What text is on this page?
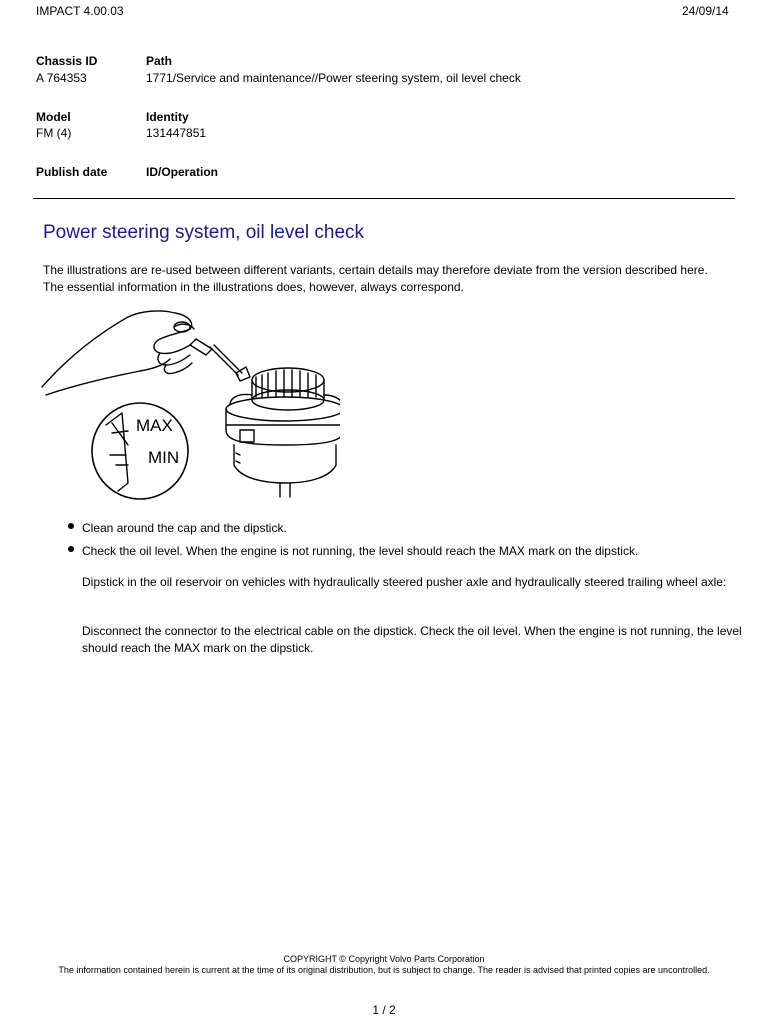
IMPACT 4.00.03	24/09/14
Chassis ID
A 764353
Path
1771/Service and maintenance//Power steering system, oil level check
Model
FM (4)
Identity
131447851
Publish date	ID/Operation
Power steering system, oil level check
The illustrations are re-used between different variants, certain details may therefore deviate from the version described here. The essential information in the illustrations does, however, always correspond.
MAX
MIN
Clean around the cap and the dipstick.
Check the oil level. When the engine is not running, the level should reach the MAX mark on the dipstick.
Dipstick in the oil reservoir on vehicles with hydraulically steered pusher axle and hydraulically steered trailing wheel axle:
Disconnect the connector to the electrical cable on the dipstick. Check the oil level. When the engine is not running, the level should reach the MAX mark on the dipstick.
COPYRIGHT © Copyright Volvo Parts Corporation
The information contained herein is current at the time of its original distribution, but is subject to change. The reader is advised that printed copies are uncontrolled.
1 / 2
